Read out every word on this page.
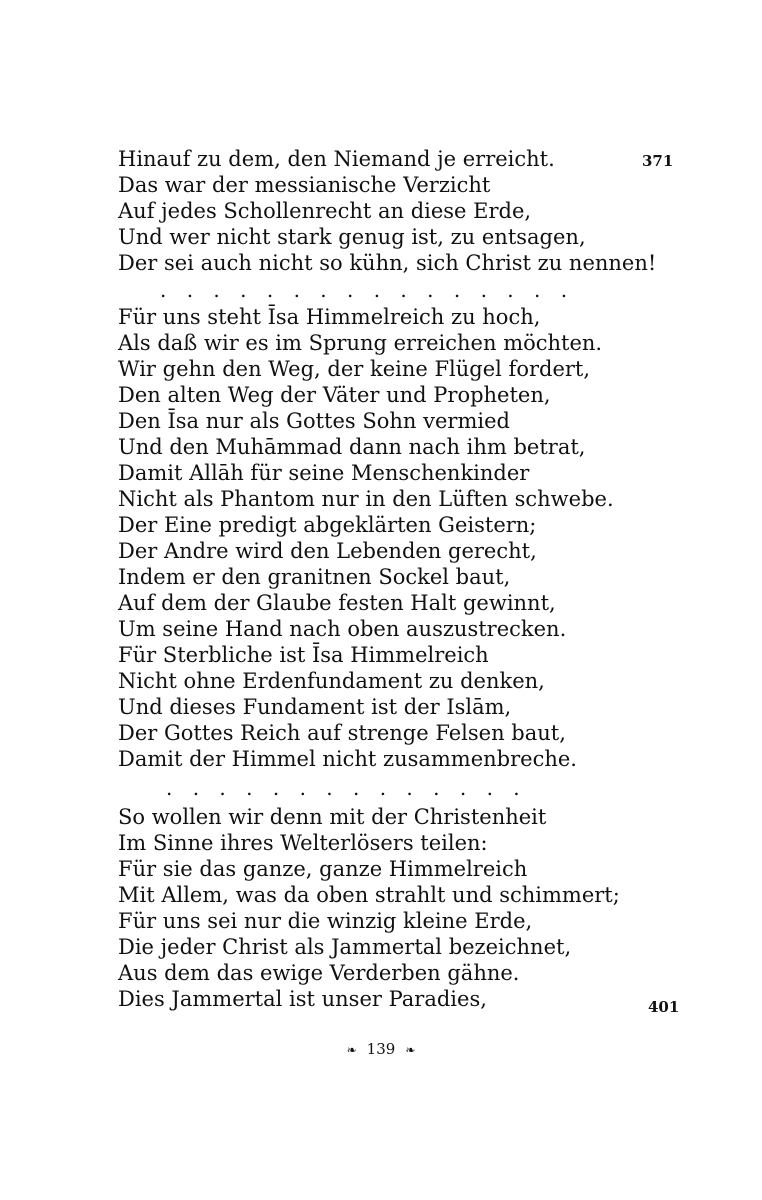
Hinauf zu dem, den Niemand je erreicht.	371
Das war der messianische Verzicht
Auf jedes Schollenrecht an diese Erde,
Und wer nicht stark genug ist, zu entsagen,
Der sei auch nicht so kühn, sich Christ zu nennen!
. . . . . . . . . . . . . . . .
Für uns steht Īsa Himmelreich zu hoch,
Als daß wir es im Sprung erreichen möchten.
Wir gehn den Weg, der keine Flügel fordert,
Den alten Weg der Väter und Propheten,
Den Īsa nur als Gottes Sohn vermied
Und den Muhāmmad dann nach ihm betrat,
Damit Allāh für seine Menschenkinder
Nicht als Phantom nur in den Lüften schwebe.
Der Eine predigt abgeklärten Geistern;
Der Andre wird den Lebenden gerecht,
Indem er den granitnen Sockel baut,
Auf dem der Glaube festen Halt gewinnt,
Um seine Hand nach oben auszustrecken.
Für Sterbliche ist Īsa Himmelreich
Nicht ohne Erdenfundament zu denken,
Und dieses Fundament ist der Islām,
Der Gottes Reich auf strenge Felsen baut,
Damit der Himmel nicht zusammenbreche.
. . . . . . . . . . . . . .
So wollen wir denn mit der Christenheit
Im Sinne ihres Welterlösers teilen:
Für sie das ganze, ganze Himmelreich
Mit Allem, was da oben strahlt und schimmert;
Für uns sei nur die winzig kleine Erde,
Die jeder Christ als Jammertal bezeichnet,
Aus dem das ewige Verderben gähne.
Dies Jammertal ist unser Paradies,	401
❧ 139 ❧
